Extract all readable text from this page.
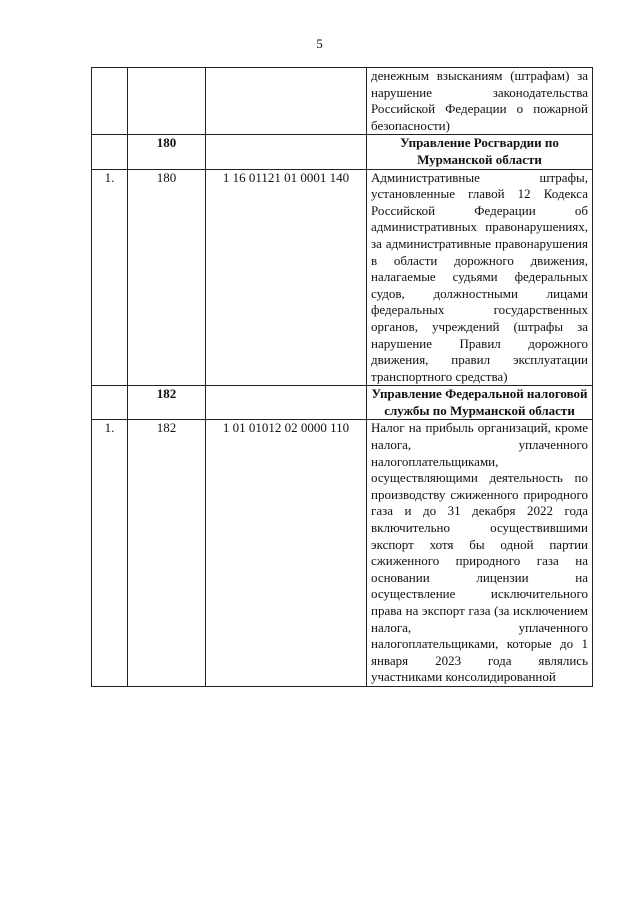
5
			денежным взысканиям (штрафам) за нарушение законодательства Российской Федерации о пожарной безопасности)
	180		Управление Росгвардии по Мурманской области
1.	180	1 16 01121 01 0001 140	Административные штрафы, установленные главой 12 Кодекса Российской Федерации об административных правонарушениях, за административные правонарушения в области дорожного движения, налагаемые судьями федеральных судов, должностными лицами федеральных государственных органов, учреждений (штрафы за нарушение Правил дорожного движения, правил эксплуатации транспортного средства)
	182		Управление Федеральной налоговой службы по Мурманской области
1.	182	1 01 01012 02 0000 110	Налог на прибыль организаций, кроме налога, уплаченного налогоплательщиками, осуществляющими деятельность по производству сжиженного природного газа и до 31 декабря 2022 года включительно осуществившими экспорт хотя бы одной партии сжиженного природного газа на основании лицензии на осуществление исключительного права на экспорт газа (за исключением налога, уплаченного налогоплательщиками, которые до 1 января 2023 года являлись участниками консолидированной
